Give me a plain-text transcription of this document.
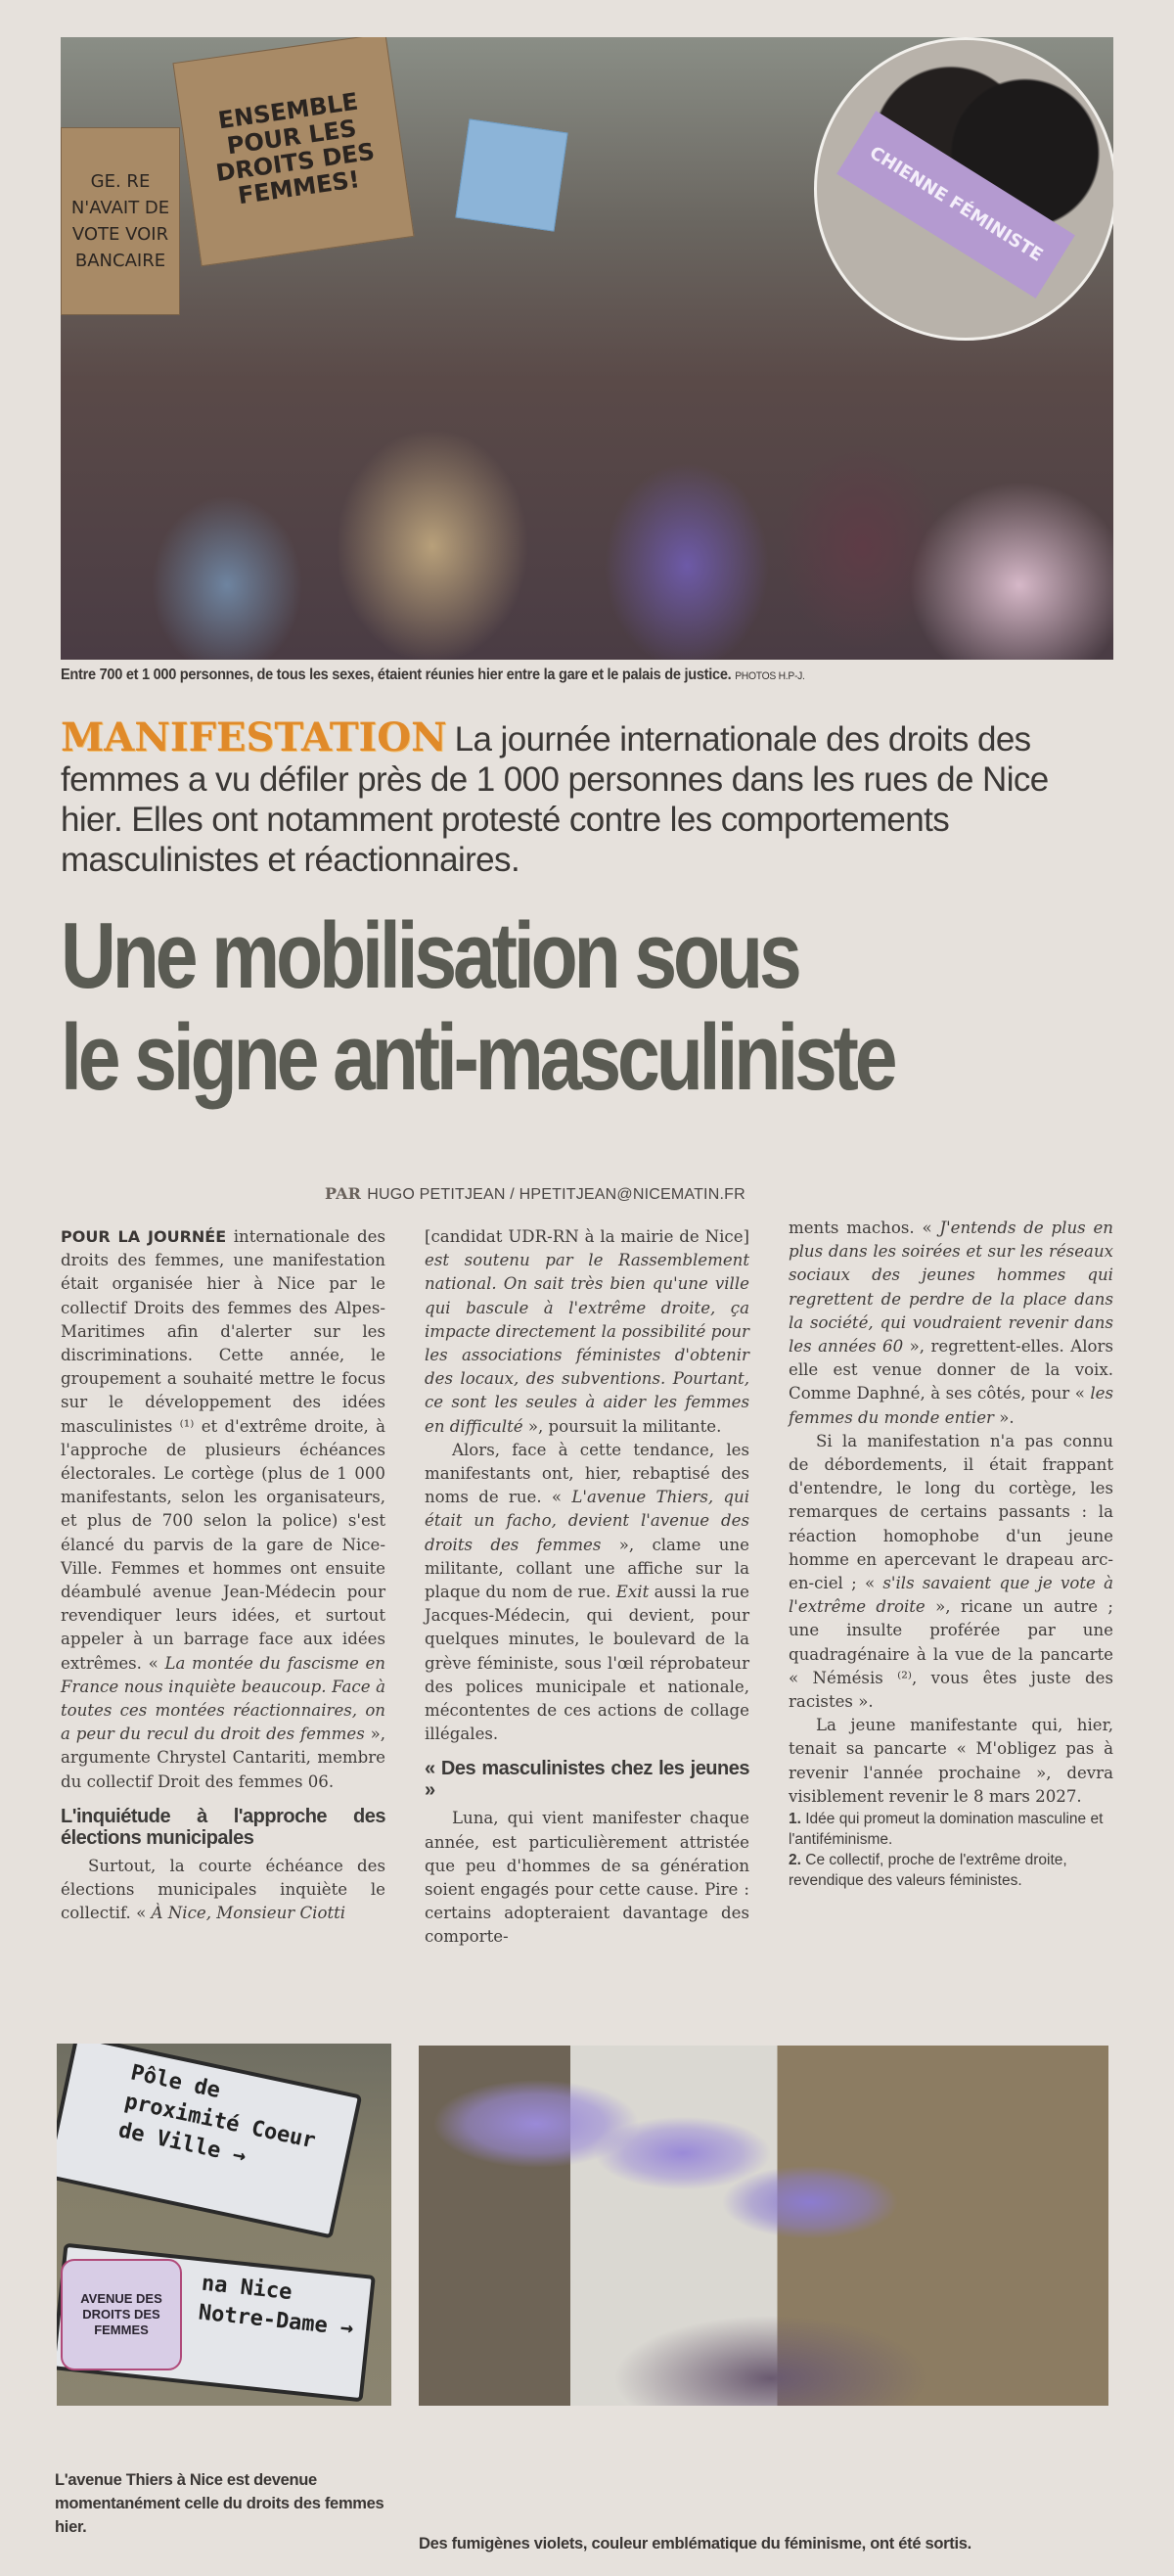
GE. RE N'AVAIT DE VOTE VOIR BANCAIRE
ENSEMBLE POUR LES DROITS DES FEMMES!	CHIENNE FÉMINISTE
Entre 700 et 1 000 personnes, de tous les sexes, étaient réunies hier entre la gare et le palais de justice. PHOTOS H.P-J.
MANIFESTATION La journée internationale des droits des femmes a vu défiler près de 1 000 personnes dans les rues de Nice hier. Elles ont notamment protesté contre les comportements masculinistes et réactionnaires.
Une mobilisation sous
le signe anti-masculiniste
PAR HUGO PETITJEAN / HPETITJEAN@NICEMATIN.FR

POUR LA JOURNÉE internationale des droits des femmes, une manifestation était organisée hier à Nice par le collectif Droits des femmes des Alpes-Maritimes afin d'alerter sur les discriminations. Cette année, le groupement a souhaité mettre le focus sur le développement des idées masculinistes ⁽¹⁾ et d'extrême droite, à l'approche de plusieurs échéances électorales. Le cortège (plus de 1 000 manifestants, selon les organisateurs, et plus de 700 selon la police) s'est élancé du parvis de la gare de Nice-Ville. Femmes et hommes ont ensuite déambulé avenue Jean-Médecin pour revendiquer leurs idées, et surtout appeler à un barrage face aux idées extrêmes. « La montée du fascisme en France nous inquiète beaucoup. Face à toutes ces montées réactionnaires, on a peur du recul du droit des femmes », argumente Chrystel Cantariti, membre du collectif Droit des femmes 06.

L'inquiétude à l'approche des élections municipales

Surtout, la courte échéance des élections municipales inquiète le collectif. « À Nice, Monsieur Ciotti

[candidat UDR-RN à la mairie de Nice] est soutenu par le Rassemblement national. On sait très bien qu'une ville qui bascule à l'extrême droite, ça impacte directement la possibilité pour les associations féministes d'obtenir des locaux, des subventions. Pourtant, ce sont les seules à aider les femmes en difficulté », poursuit la militante.

Alors, face à cette tendance, les manifestants ont, hier, rebaptisé des noms de rue. « L'avenue Thiers, qui était un facho, devient l'avenue des droits des femmes », clame une militante, collant une affiche sur la plaque du nom de rue. Exit aussi la rue Jacques-Médecin, qui devient, pour quelques minutes, le boulevard de la grève féministe, sous l'œil réprobateur des polices municipale et nationale, mécontentes de ces actions de collage illégales.

« Des masculinistes chez les jeunes »

Luna, qui vient manifester chaque année, est particulièrement attristée que peu d'hommes de sa génération soient engagés pour cette cause. Pire : certains adopteraient davantage des comporte-

ments machos. « J'entends de plus en plus dans les soirées et sur les réseaux sociaux des jeunes hommes qui regrettent de perdre de la place dans la société, qui voudraient revenir dans les années 60 », regrettent-elles. Alors elle est venue donner de la voix. Comme Daphné, à ses côtés, pour « les femmes du monde entier ».

Si la manifestation n'a pas connu de débordements, il était frappant d'entendre, le long du cortège, les remarques de certains passants : la réaction homophobe d'un jeune homme en apercevant le drapeau arc-en-ciel ; « s'ils savaient que je vote à l'extrême droite », ricane un autre ; une insulte proférée par une quadragénaire à la vue de la pancarte « Némésis ⁽²⁾, vous êtes juste des racistes ».

La jeune manifestante qui, hier, tenait sa pancarte « M'obligez pas à revenir l'année prochaine », devra visiblement revenir le 8 mars 2027.

1. Idée qui promeut la domination masculine et l'antiféminisme.
2. Ce collectif, proche de l'extrême droite, revendique des valeurs féministes.
Pôle de proximité Coeur de Ville →
na Nice Notre-Dame →
AVENUE DES DROITS DES FEMMES
L'avenue Thiers à Nice est devenue momentanément celle du droits des femmes hier.
Des fumigènes violets, couleur emblématique du féminisme, ont été sortis.
